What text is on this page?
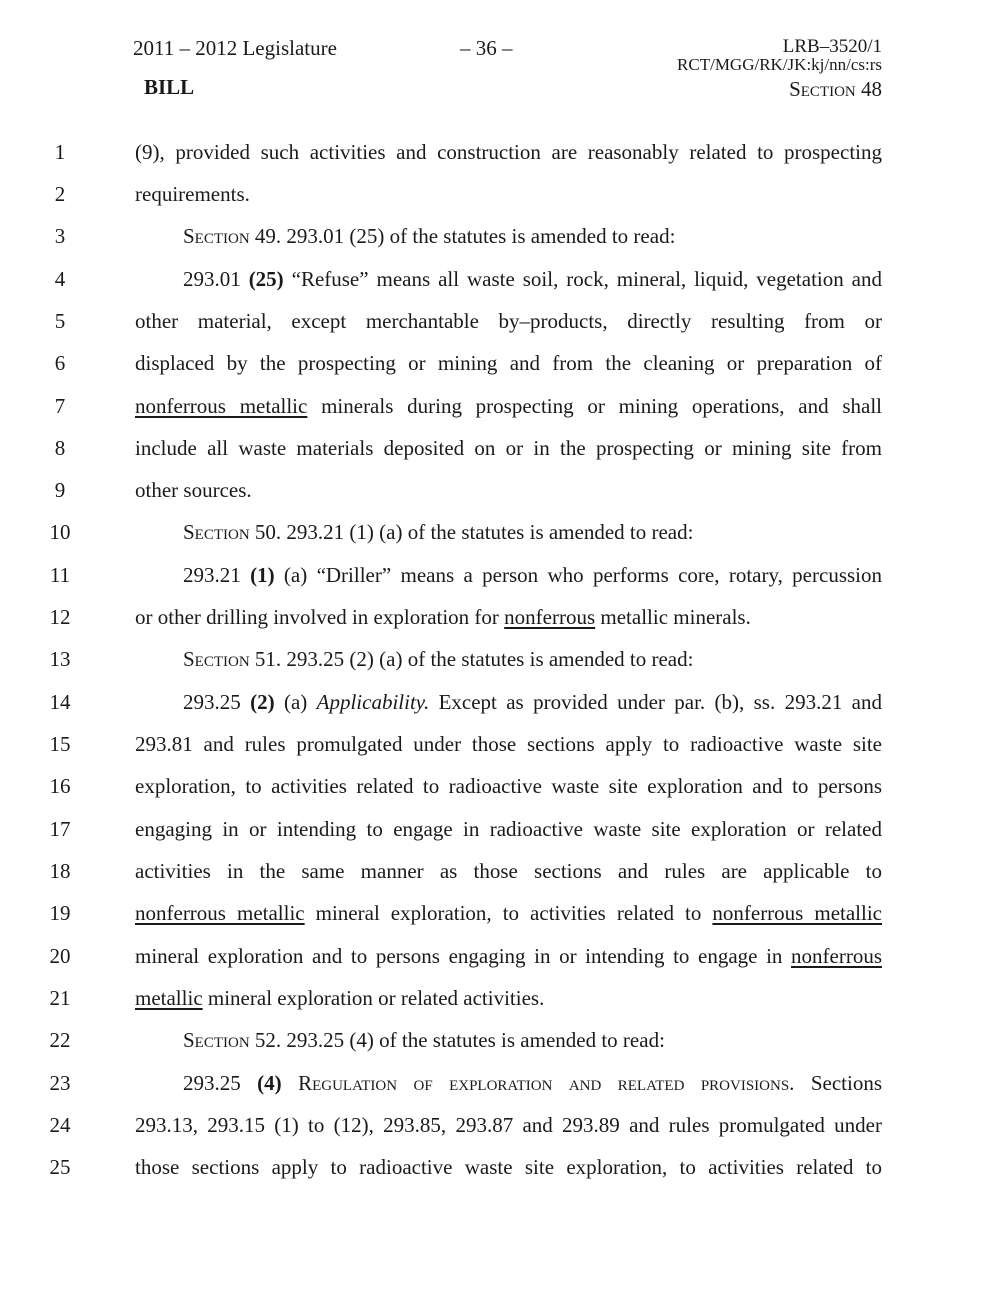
2011 – 2012 Legislature	– 36 –	LRB–3520/1
RCT/MGG/RK/JK:kj/nn/cs:rs
BILL	Section 48
1	(9), provided such activities and construction are reasonably related to prospecting
2	requirements.
3	Section 49. 293.01 (25) of the statutes is amended to read:
4	293.01 (25) “Refuse” means all waste soil, rock, mineral, liquid, vegetation and
5	other material, except merchantable by–products, directly resulting from or
6	displaced by the prospecting or mining and from the cleaning or preparation of
7	nonferrous metallic minerals during prospecting or mining operations, and shall
8	include all waste materials deposited on or in the prospecting or mining site from
9	other sources.
10	Section 50. 293.21 (1) (a) of the statutes is amended to read:
11	293.21 (1) (a) “Driller” means a person who performs core, rotary, percussion
12	or other drilling involved in exploration for nonferrous metallic minerals.
13	Section 51. 293.25 (2) (a) of the statutes is amended to read:
14	293.25 (2) (a) Applicability. Except as provided under par. (b), ss. 293.21 and
15	293.81 and rules promulgated under those sections apply to radioactive waste site
16	exploration, to activities related to radioactive waste site exploration and to persons
17	engaging in or intending to engage in radioactive waste site exploration or related
18	activities in the same manner as those sections and rules are applicable to
19	nonferrous metallic mineral exploration, to activities related to nonferrous metallic
20	mineral exploration and to persons engaging in or intending to engage in nonferrous
21	metallic mineral exploration or related activities.
22	Section 52. 293.25 (4) of the statutes is amended to read:
23	293.25 (4) Regulation of exploration and related provisions. Sections
24	293.13, 293.15 (1) to (12), 293.85, 293.87 and 293.89 and rules promulgated under
25	those sections apply to radioactive waste site exploration, to activities related to
